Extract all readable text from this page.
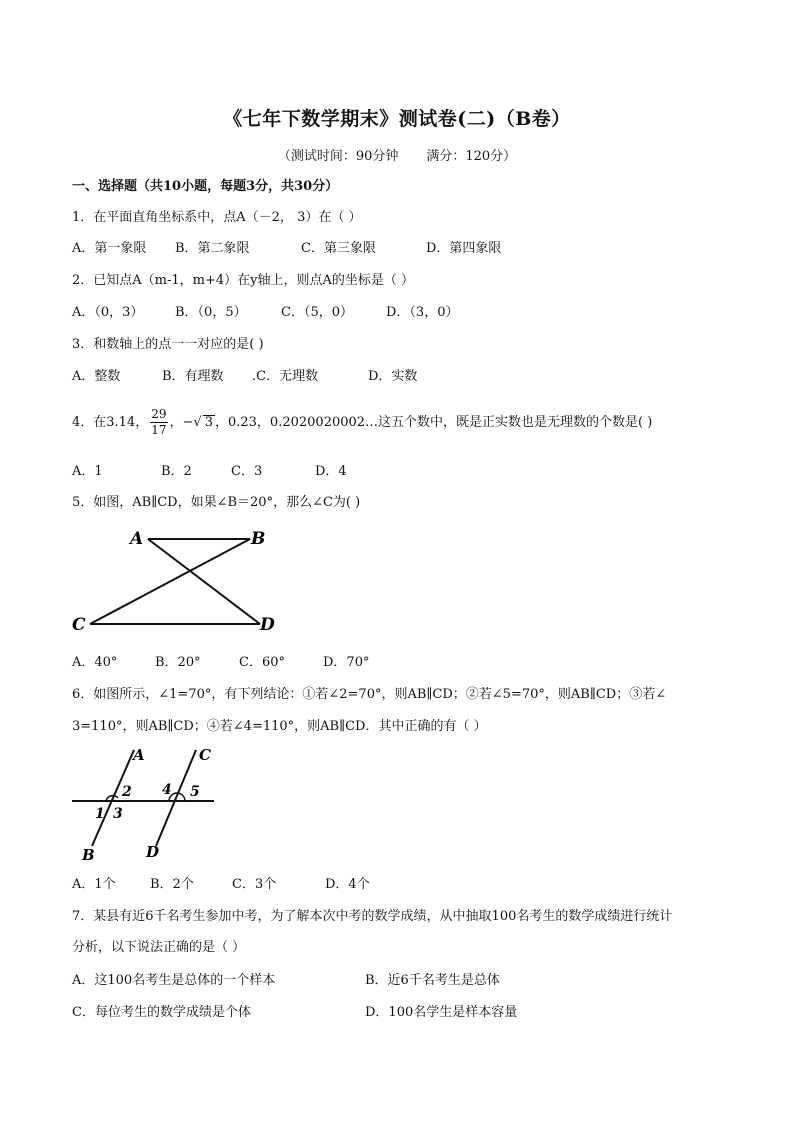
《七年下数学期末》测试卷(二)（B卷）
（测试时间：90分钟 满分：120分）
一、选择题（共10小题，每题3分，共30分）
1．在平面直角坐标系中，点A（－2， 3）在（ ）
A．第一象限 B．第二象限	C．第三象限	D．第四象限
2．已知点A（m-1，m+4）在y轴上，则点A的坐标是（ ）
A．（0，3） B．（0，5）	C．（5，0）	D．（3，0）
3．和数轴上的点一一对应的是( )
A．整数	B．有理数 .C．无理数	D．实数
4．在3.14， $\frac{29}{17}$ ，−√ 3 ，0.23，0.2020020002…这五个数中，既是正实数也是无理数的个数是( )
A．1	B．2	C．3	D．4
5．如图，AB∥CD，如果∠B＝20°，那么∠C为( )
A	B
C	D
A．40°	B．20°	C．60°	D．70°
6．如图所示，∠1=70°，有下列结论：①若∠2=70°，则AB∥CD；②若∠5=70°，则AB∥CD；③若∠
3=110°，则AB∥CD；④若∠4=110°，则AB∥CD．其中正确的有（ ）
A	C
B	D
1
2
3
4 5
A．1个	B．2个	C．3个	D．4个
7．某县有近6千名考生参加中考，为了解本次中考的数学成绩，从中抽取100名考生的数学成绩进行统计
分析，以下说法正确的是（ ）
A．这100名考生是总体的一个样本	B．近6千名考生是总体
C．每位考生的数学成绩是个体	D．100名学生是样本容量
